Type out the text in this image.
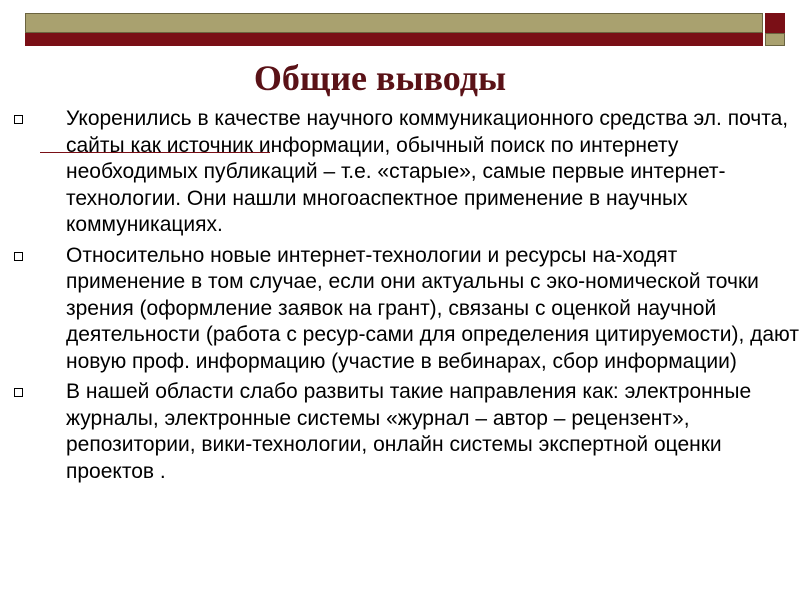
Общие выводы
Укоренились в качестве научного коммуникационного средства эл. почта, сайты как источник информации, обычный поиск по интернету необходимых публикаций – т.е. «старые», самые первые интернет-технологии. Они нашли многоаспектное применение в научных коммуникациях.
Относительно новые интернет-технологии и ресурсы на-ходят применение в том случае, если они актуальны с эко-номической точки зрения (оформление заявок на грант), связаны с оценкой научной деятельности (работа с ресур-сами для определения цитируемости), дают новую проф. информацию (участие в вебинарах, сбор информации)
В нашей области слабо развиты такие направления как: электронные журналы, электронные системы «журнал – автор – рецензент», репозитории, вики-технологии, онлайн системы экспертной оценки проектов .
